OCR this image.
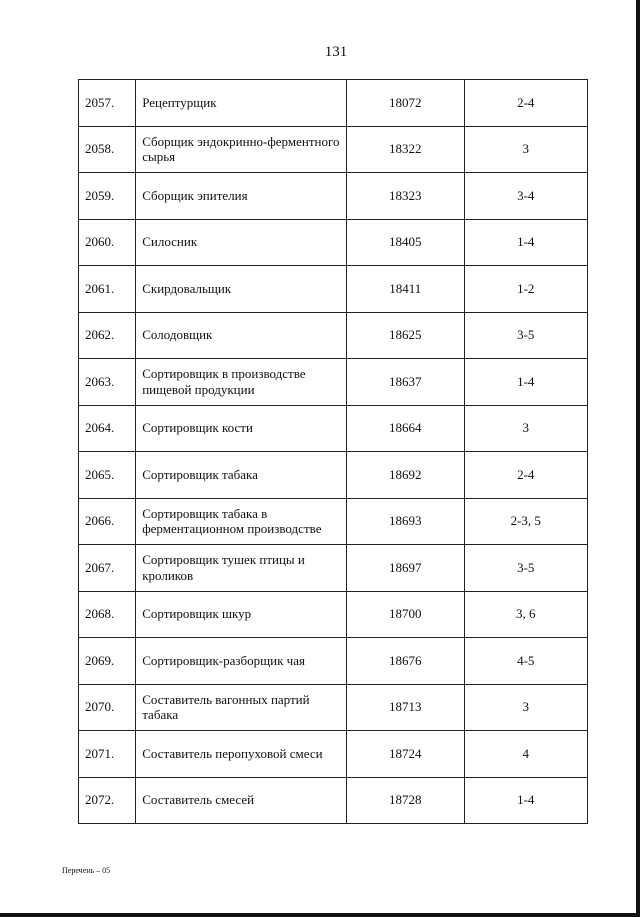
131
2057.	Рецептурщик	18072	2-4
2058.	Сборщик эндокринно-ферментного сырья	18322	3
2059.	Сборщик эпителия	18323	3-4
2060.	Силосник	18405	1-4
2061.	Скирдовальщик	18411	1-2
2062.	Солодовщик	18625	3-5
2063.	Сортировщик в производстве пищевой продукции	18637	1-4
2064.	Сортировщик кости	18664	3
2065.	Сортировщик табака	18692	2-4
2066.	Сортировщик табака в ферментационном производстве	18693	2-3, 5
2067.	Сортировщик тушек птицы и кроликов	18697	3-5
2068.	Сортировщик шкур	18700	3, 6
2069.	Сортировщик-разборщик чая	18676	4-5
2070.	Составитель вагонных партий табака	18713	3
2071.	Составитель перопуховой смеси	18724	4
2072.	Составитель смесей	18728	1-4
Перечень – 05
